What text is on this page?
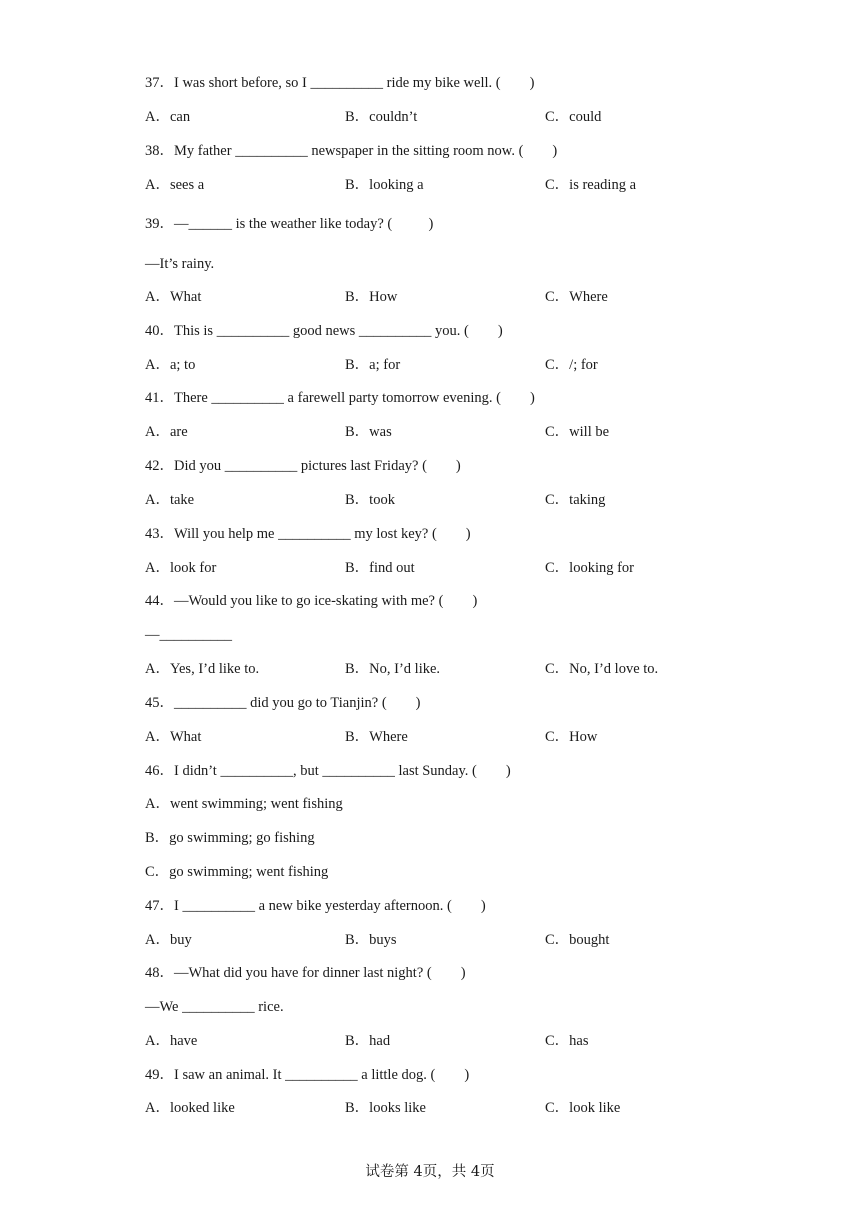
37．I was short before, so I __________ ride my bike well. (        )
A．can	B．couldn’t	C．could
38．My father __________ newspaper in the sitting room now. (        )
A．sees a	B．looking a	C．is reading a
39．—______ is the weather like today? (          )
—It’s rainy.
A．What	B．How	C．Where
40．This is __________ good news __________ you. (        )
A．a; to	B．a; for	C．/; for
41．There __________ a farewell party tomorrow evening. (        )
A．are	B．was	C．will be
42．Did you __________ pictures last Friday? (        )
A．take	B．took	C．taking
43．Will you help me __________ my lost key? (        )
A．look for	B．find out	C．looking for
44．—Would you like to go ice-skating with me? (        )
—__________
A．Yes, I’d like to.	B．No, I’d like.	C．No, I’d love to.
45．__________ did you go to Tianjin? (        )
A．What	B．Where	C．How
46．I didn’t __________, but __________ last Sunday. (        )
A．went swimming; went fishing
B．go swimming; go fishing
C．go swimming; went fishing
47．I __________ a new bike yesterday afternoon. (        )
A．buy	B．buys	C．bought
48．—What did you have for dinner last night? (        )
—We __________ rice.
A．have	B．had	C．has
49．I saw an animal. It __________ a little dog. (        )
A．looked like	B．looks like	C．look like
试卷第 4页，共 4页
